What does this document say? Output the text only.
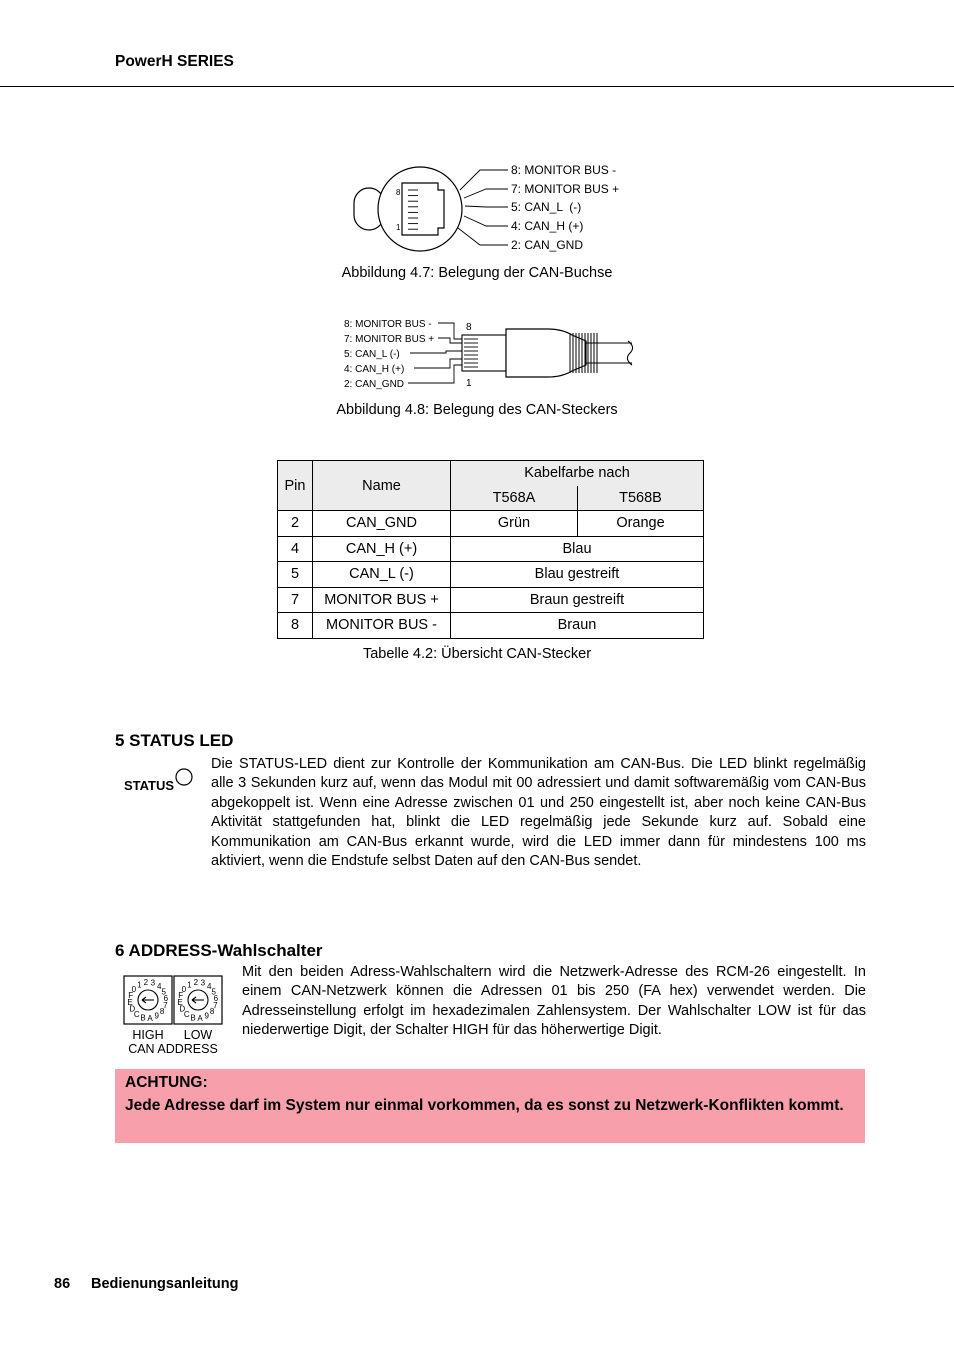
PowerH SERIES
8
1
8: MONITOR BUS -
7: MONITOR BUS +
5: CAN_L  (-)
4: CAN_H (+)
2: CAN_GND
Abbildung 4.7: Belegung der CAN-Buchse
8: MONITOR BUS -
7: MONITOR BUS +
5: CAN_L (-)
4: CAN_H (+)
2: CAN_GND
8
1
Abbildung 4.8: Belegung des CAN-Steckers
Pin	Name	Kabelfarbe nach	
		T568A	T568B
2	CAN_GND	Grün	Orange
4	CAN_H (+)	Blau	
5	CAN_L (-)	Blau gestreift	
7	MONITOR BUS +	Braun gestreift	
8	MONITOR BUS -	Braun	
Tabelle 4.2: Übersicht CAN-Stecker
5 STATUS LED
STATUS
Die STATUS-LED dient zur Kontrolle der Kommunikation am CAN-Bus. Die LED blinkt regelmäßig alle 3 Sekunden kurz auf, wenn das Modul mit 00 adressiert und damit softwaremäßig vom CAN-Bus abgekoppelt ist. Wenn eine Adresse zwischen 01 und 250 eingestellt ist, aber noch keine CAN-Bus Aktivität stattgefunden hat, blinkt die LED regelmäßig jede Sekunde kurz auf. Sobald eine Kommunikation am CAN-Bus erkannt wurde, wird die LED immer dann für mindestens 100 ms aktiviert, wenn die Endstufe selbst Daten auf den CAN-Bus sendet.
6 ADDRESS-Wahlschalter
0 1 2 3 4
5
6
7
8
9
A
B
C
D
E
F
0 1 2 3 4
5
6
7
8
9
A
B
C
D
E
F
HIGH LOW
CAN ADDRESS
Mit den beiden Adress-Wahlschaltern wird die Netzwerk-Adresse des RCM-26 eingestellt. In einem CAN-Netzwerk können die Adressen 01 bis 250 (FA hex) verwendet werden. Die Adresseinstellung erfolgt im hexadezimalen Zahlensystem. Der Wahlschalter LOW ist für das niederwertige Digit, der Schalter HIGH für das höherwertige Digit.
ACHTUNG:
Jede Adresse darf im System nur einmal vorkommen, da es sonst zu Netzwerk-Konflikten kommt.
86 Bedienungsanleitung
